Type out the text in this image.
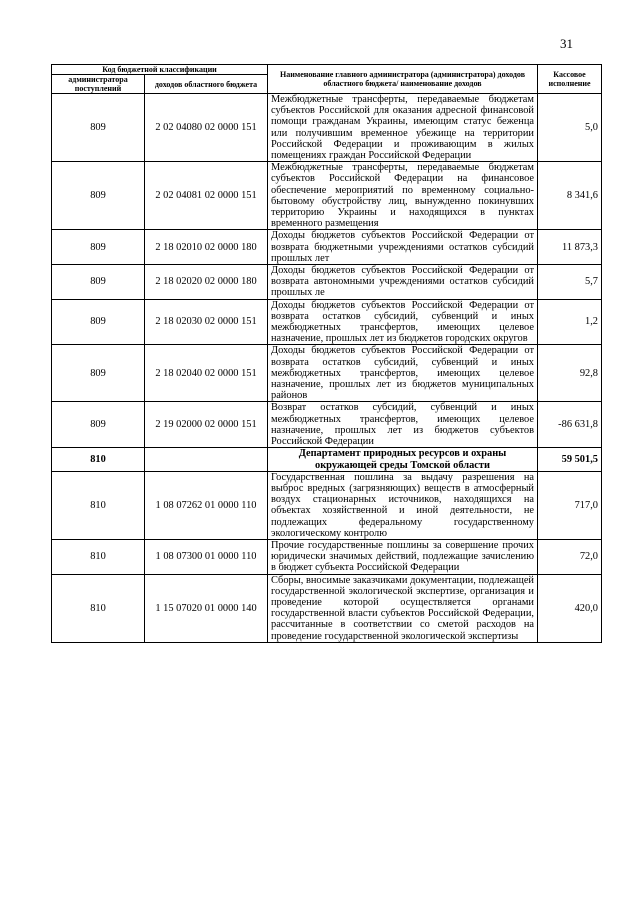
31
Код бюджетной классификации		Наименование главного администратора (администратора) доходов областного бюджета/ наименование доходов	Кассовое исполнение
администратора поступлений	доходов областного бюджета		
809	2 02 04080 02 0000 151	Межбюджетные трансферты, передаваемые бюджетам субъектов Российской для оказания адресной финансовой помощи гражданам Украины, имеющим статус беженца или получившим временное убежище на территории Российской Федерации и проживающим в жилых помещениях граждан Российской Федерации	5,0
809	2 02 04081 02 0000 151	Межбюджетные трансферты, передаваемые бюджетам субъектов Российской Федерации на финансовое обеспечение мероприятий по временному социально-бытовому обустройству лиц, вынужденно покинувших территорию Украины и находящихся в пунктах временного размещения	8 341,6
809	2 18 02010 02 0000 180	Доходы бюджетов субъектов Российской Федерации от возврата бюджетными учреждениями остатков субсидий прошлых лет	11 873,3
809	2 18 02020 02 0000 180	Доходы бюджетов субъектов Российской Федерации от возврата автономными учреждениями остатков субсидий прошлых ле	5,7
809	2 18 02030 02 0000 151	Доходы бюджетов субъектов Российской Федерации от возврата остатков субсидий, субвенций и иных межбюджетных трансфертов, имеющих целевое назначение, прошлых лет из бюджетов городских округов	1,2
809	2 18 02040 02 0000 151	Доходы бюджетов субъектов Российской Федерации от возврата остатков субсидий, субвенций и иных межбюджетных трансфертов, имеющих целевое назначение, прошлых лет из бюджетов муниципальных районов	92,8
809	2 19 02000 02 0000 151	Возврат остатков субсидий, субвенций и иных межбюджетных трансфертов, имеющих целевое назначение, прошлых лет из бюджетов субъектов Российской Федерации	-86 631,8
810		Департамент природных ресурсов и охраны окружающей среды Томской области	59 501,5
810	1 08 07262 01 0000 110	Государственная пошлина за выдачу разрешения на выброс вредных (загрязняющих) веществ в атмосферный воздух стационарных источников, находящихся на объектах хозяйственной и иной деятельности, не подлежащих федеральному государственному экологическому контролю	717,0
810	1 08 07300 01 0000 110	Прочие государственные пошлины за совершение прочих юридически значимых действий, подлежащие зачислению в бюджет субъекта Российской Федерации	72,0
810	1 15 07020 01 0000 140	Сборы, вносимые заказчиками документации, подлежащей государственной экологической экспертизе, организация и проведение которой осуществляется органами государственной власти субъектов Российской Федерации, рассчитанные в соответствии со сметой расходов на проведение государственной экологической экспертизы	420,0
